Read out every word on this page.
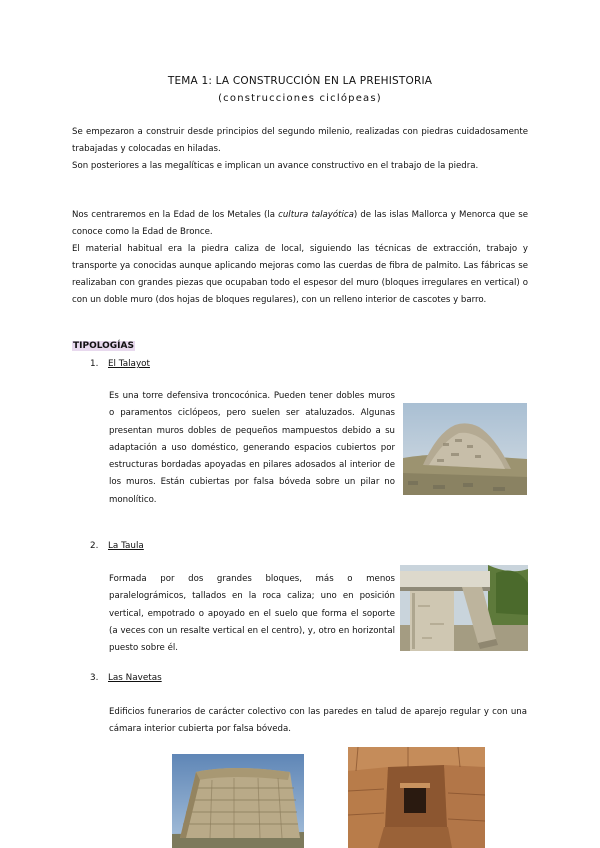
TEMA 1: LA CONSTRUCCIÓN EN LA PREHISTORIA
(construcciones ciclópeas)

Se empezaron a construir desde principios del segundo milenio, realizadas con piedras cuidadosamente trabajadas y colocadas en hiladas.

Son posteriores a las megalíticas e implican un avance constructivo en el trabajo de la piedra.

Nos centraremos en la Edad de los Metales (la cultura talayótica) de las islas Mallorca y Menorca que se conoce como la Edad de Bronce.

El material habitual era la piedra caliza de local, siguiendo las técnicas de extracción, trabajo y transporte ya conocidas aunque aplicando mejoras como las cuerdas de fibra de palmito. Las fábricas se realizaban con grandes piezas que ocupaban todo el espesor del muro (bloques irregulares en vertical) o con un doble muro (dos hojas de bloques regulares), con un relleno interior de cascotes y barro.

TIPOLOGÍAS
1. El Talayot

Es una torre defensiva troncocónica. Pueden tener dobles muros o paramentos ciclópeos, pero suelen ser ataluzados. Algunas presentan muros dobles de pequeños mampuestos debido a su adaptación a uso doméstico, generando espacios cubiertos por estructuras bordadas apoyadas en pilares adosados al interior de los muros. Están cubiertas por falsa bóveda sobre un pilar no monolítico.

2. La Taula

Formada por dos grandes bloques, más o menos paralelográmicos, tallados en la roca caliza; uno en posición vertical, empotrado o apoyado en el suelo que forma el soporte (a veces con un resalte vertical en el centro), y, otro en horizontal puesto sobre él.

3. Las Navetas

Edificios funerarios de carácter colectivo con las paredes en talud de aparejo regular y con una cámara interior cubierta por falsa bóveda.
